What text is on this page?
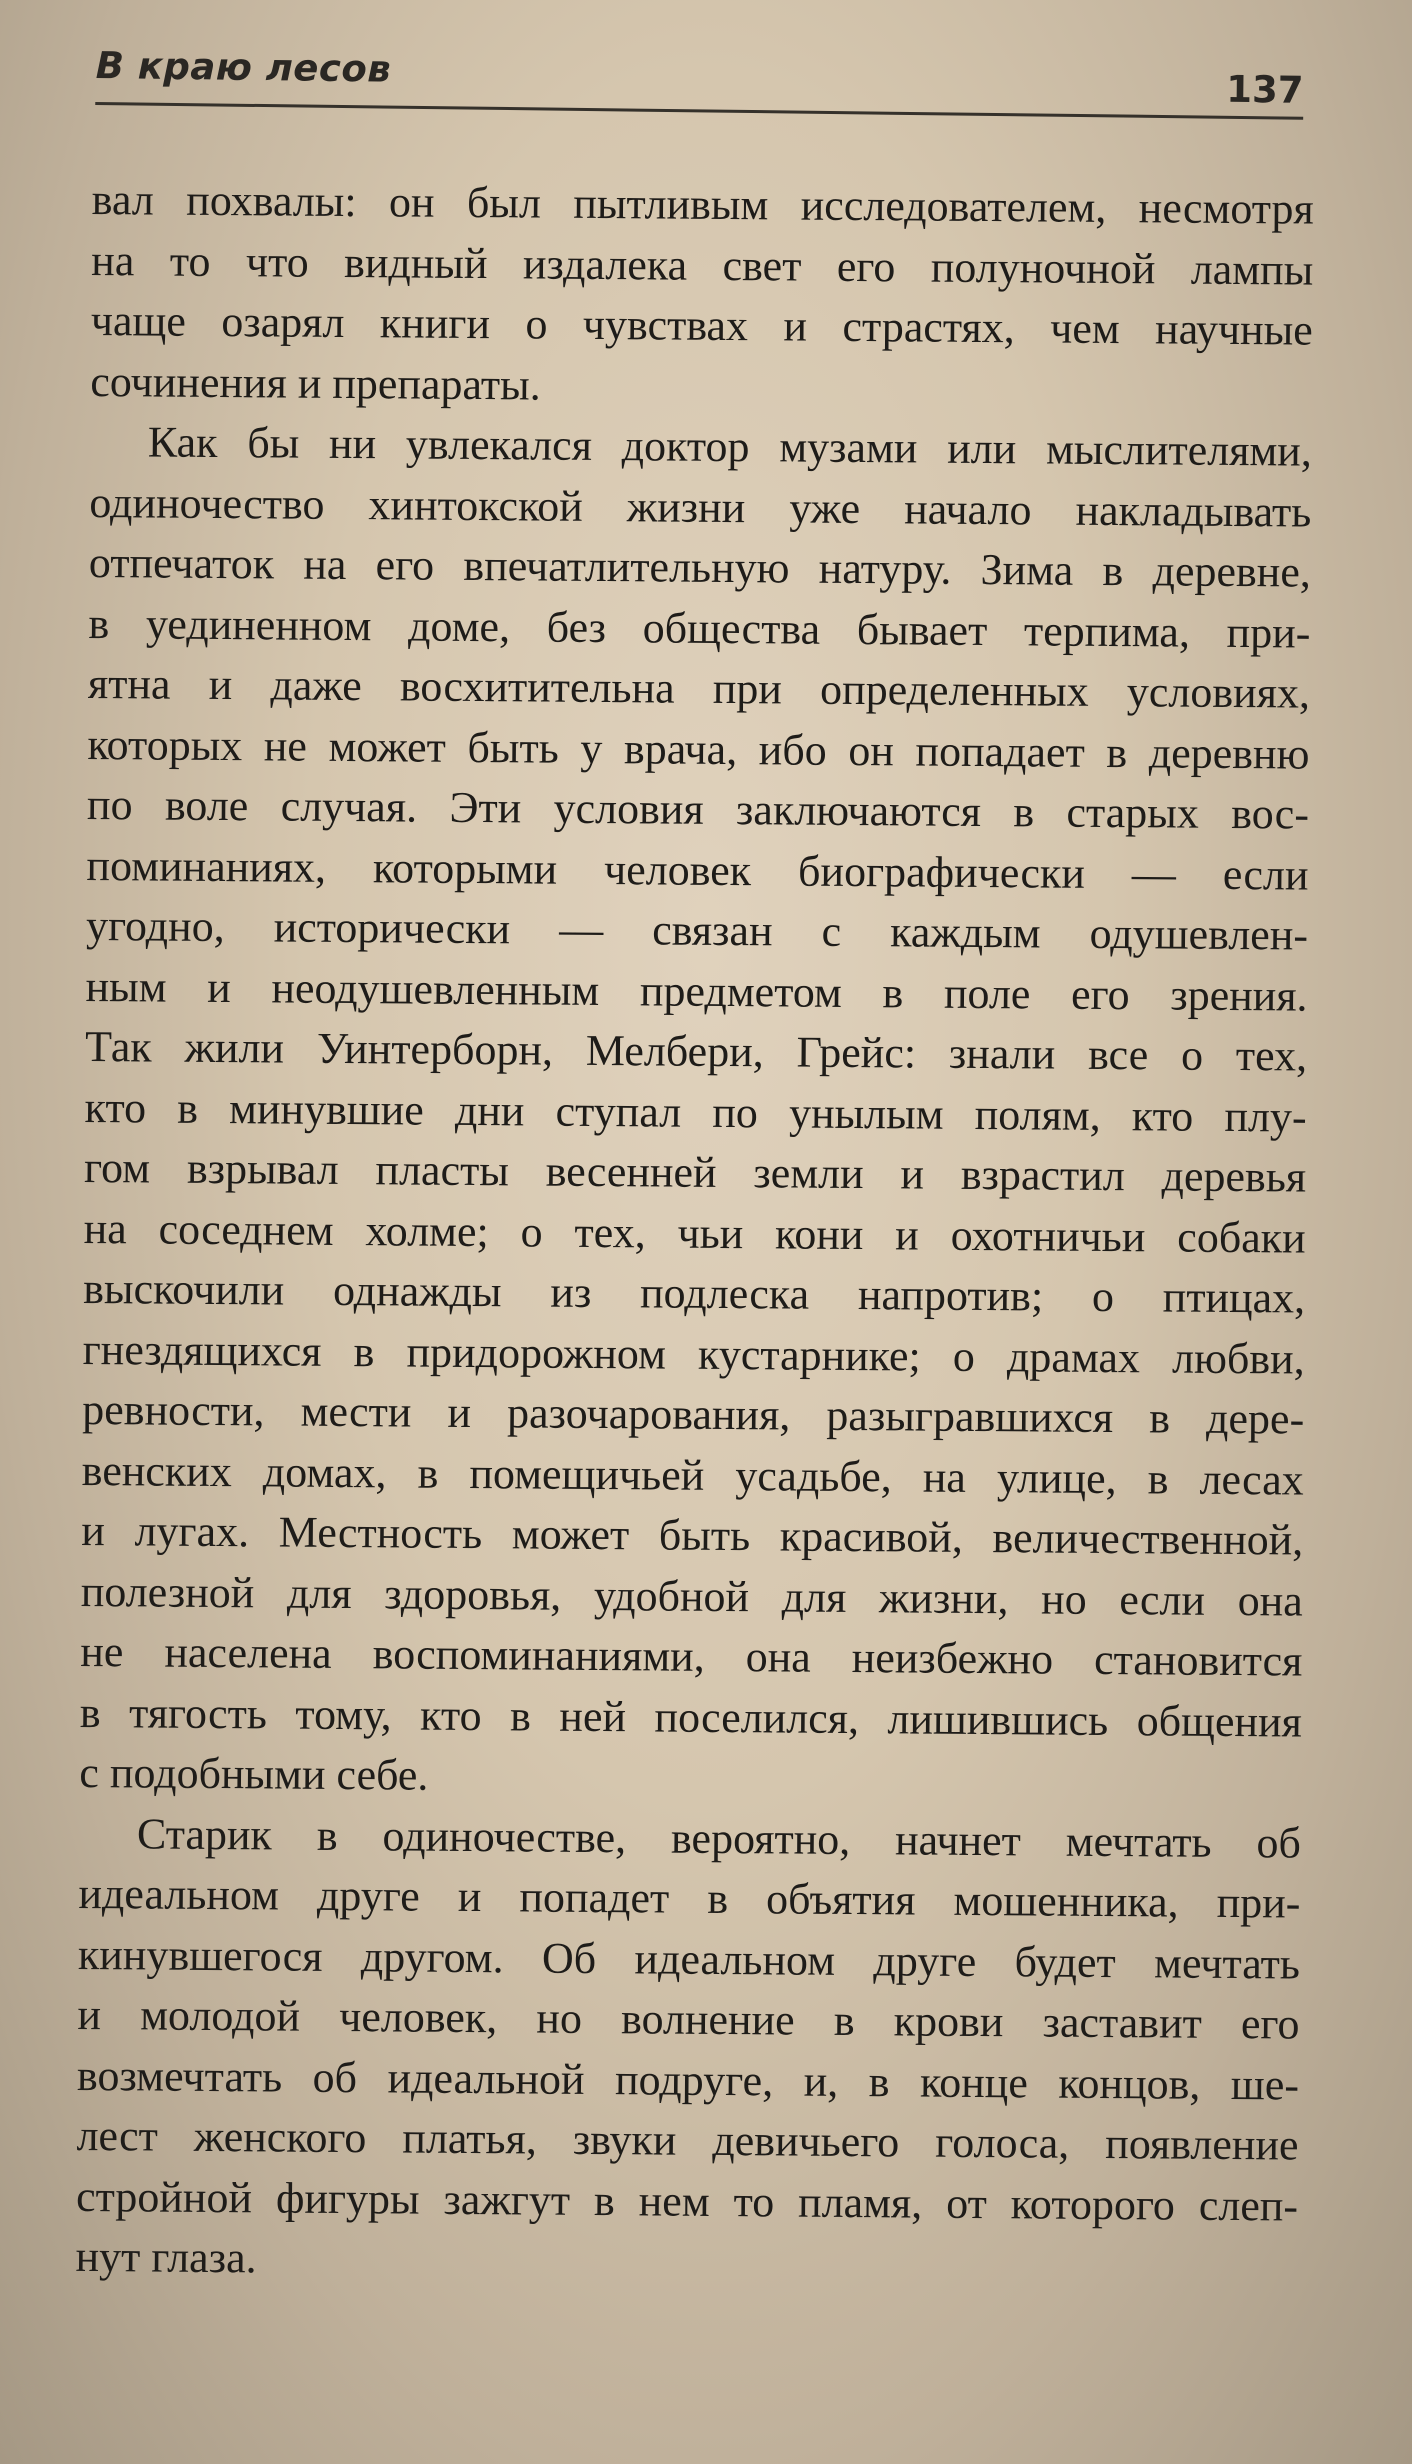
В краю лесов	137
вал похвалы: он был пытливым исследователем, несмотря
на то что видный издалека свет его полуночной лампы
чаще озарял книги о чувствах и страстях, чем научные
сочинения и препараты.
Как бы ни увлекался доктор музами или мыслителями,
одиночество хинтокской жизни уже начало накладывать
отпечаток на его впечатлительную натуру. Зима в деревне,
в уединенном доме, без общества бывает терпима, при-
ятна и даже восхитительна при определенных условиях,
которых не может быть у врача, ибо он попадает в деревню
по воле случая. Эти условия заключаются в старых вос-
поминаниях, которыми человек биографически — если
угодно, исторически — связан с каждым одушевлен-
ным и неодушевленным предметом в поле его зрения.
Так жили Уинтерборн, Мелбери, Грейс: знали все о тех,
кто в минувшие дни ступал по унылым полям, кто плу-
гом взрывал пласты весенней земли и взрастил деревья
на соседнем холме; о тех, чьи кони и охотничьи собаки
выскочили однажды из подлеска напротив; о птицах,
гнездящихся в придорожном кустарнике; о драмах любви,
ревности, мести и разочарования, разыгравшихся в дере-
венских домах, в помещичьей усадьбе, на улице, в лесах
и лугах. Местность может быть красивой, величественной,
полезной для здоровья, удобной для жизни, но если она
не населена воспоминаниями, она неизбежно становится
в тягость тому, кто в ней поселился, лишившись общения
с подобными себе.
Старик в одиночестве, вероятно, начнет мечтать об
идеальном друге и попадет в объятия мошенника, при-
кинувшегося другом. Об идеальном друге будет мечтать
и молодой человек, но волнение в крови заставит его
возмечтать об идеальной подруге, и, в конце концов, ше-
лест женского платья, звуки девичьего голоса, появление
стройной фигуры зажгут в нем то пламя, от которого слеп-
нут глаза.
